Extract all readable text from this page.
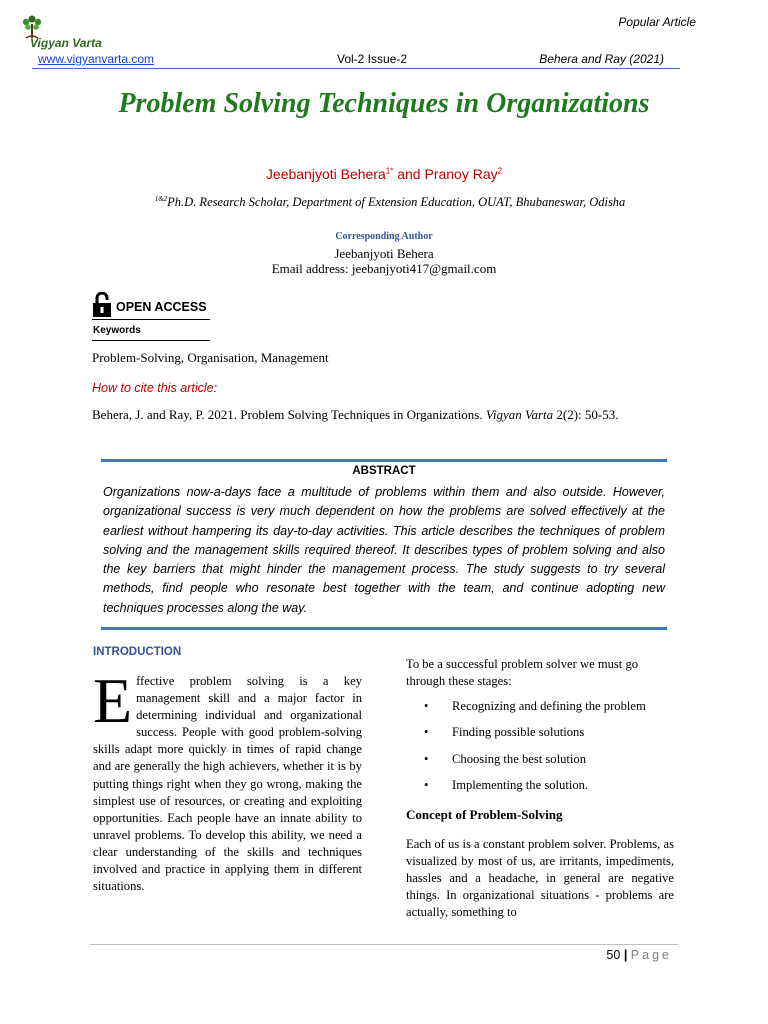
Vigyan Varta
Popular Article
www.vigyanvarta.com	Vol-2 Issue-2	Behera and Ray (2021)
Problem Solving Techniques in Organizations
Jeebanjyoti Behera$^{1*}$ and Pranoy Ray$^2$
$^{1\&2}$Ph.D. Research Scholar, Department of Extension Education, OUAT, Bhubaneswar, Odisha
Corresponding Author
Jeebanjyoti Behera
Email address: jeebanjyoti417@gmail.com
OPEN ACCESS
Keywords
Problem-Solving, Organisation, Management
How to cite this article:
Behera, J. and Ray, P. 2021. Problem Solving Techniques in Organizations. Vigyan Varta 2(2): 50-53.
ABSTRACT
Organizations now-a-days face a multitude of problems within them and also outside. However, organizational success is very much dependent on how the problems are solved effectively at the earliest without hampering its day-to-day activities. This article describes the techniques of problem solving and the management skills required thereof. It describes types of problem solving and also the key barriers that might hinder the management process. The study suggests to try several methods, find people who resonate best together with the team, and continue adopting new techniques processes along the way.
INTRODUCTION
Effective problem solving is a key management skill and a major factor in determining individual and organizational success. People with good problem-solving skills adapt more quickly in times of rapid change and are generally the high achievers, whether it is by putting things right when they go wrong, making the simplest use of resources, or creating and exploiting opportunities. Each people have an innate ability to unravel problems. To develop this ability, we need a clear understanding of the skills and techniques involved and practice in applying them in different situations.
To be a successful problem solver we must go through these stages:
• Recognizing and defining the problem
• Finding possible solutions
• Choosing the best solution
• Implementing the solution.
Concept of Problem-Solving
Each of us is a constant problem solver. Problems, as visualized by most of us, are irritants, impediments, hassles and a headache, in general are negative things. In organizational situations - problems are actually, something to
50 | Page
